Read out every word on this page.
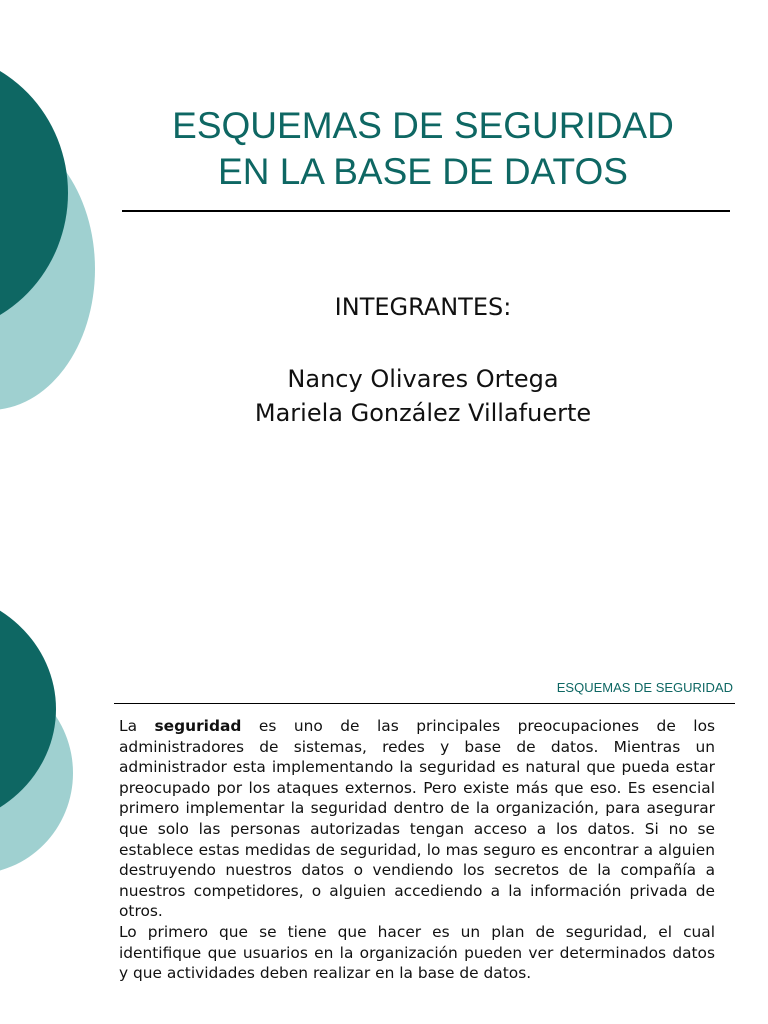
ESQUEMAS DE SEGURIDAD
EN LA BASE DE DATOS
INTEGRANTES:
Nancy Olivares Ortega
Mariela González Villafuerte
ESQUEMAS DE SEGURIDAD

La seguridad es uno de las principales preocupaciones de los administradores de sistemas, redes y base de datos. Mientras un administrador esta implementando la seguridad es natural que pueda estar preocupado por los ataques externos. Pero existe más que eso. Es esencial primero implementar la seguridad dentro de la organización, para asegurar que solo las personas autorizadas tengan acceso a los datos. Si no se establece estas medidas de seguridad, lo mas seguro es encontrar a alguien destruyendo nuestros datos o vendiendo los secretos de la compañía a nuestros competidores, o alguien accediendo a la información privada de otros.

Lo primero que se tiene que hacer es un plan de seguridad, el cual identifique que usuarios en la organización pueden ver determinados datos y que actividades deben realizar en la base de datos.
